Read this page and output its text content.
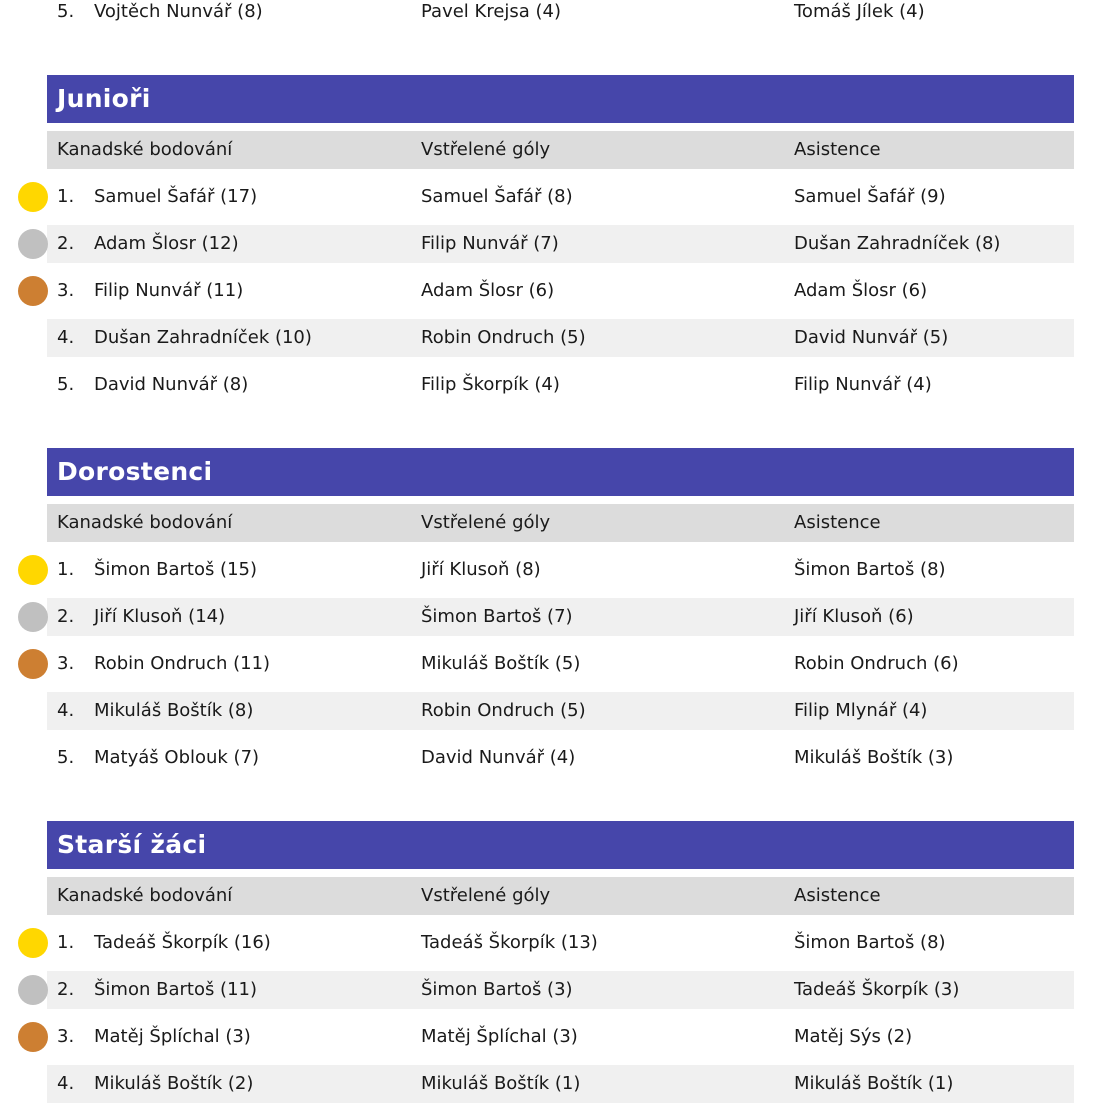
5. Vojtěch Nunvář (8)	Pavel Krejsa (4)	Tomáš Jílek (4)
Junioři
Kanadské bodování	Vstřelené góly	Asistence
1. Samuel Šafář (17)	Samuel Šafář (8)	Samuel Šafář (9)
2. Adam Šlosr (12)	Filip Nunvář (7)	Dušan Zahradníček (8)
3. Filip Nunvář (11)	Adam Šlosr (6)	Adam Šlosr (6)
4. Dušan Zahradníček (10)	Robin Ondruch (5)	David Nunvář (5)
5. David Nunvář (8)	Filip Škorpík (4)	Filip Nunvář (4)
Dorostenci
Kanadské bodování	Vstřelené góly	Asistence
1. Šimon Bartoš (15)	Jiří Klusoň (8)	Šimon Bartoš (8)
2. Jiří Klusoň (14)	Šimon Bartoš (7)	Jiří Klusoň (6)
3. Robin Ondruch (11)	Mikuláš Boštík (5)	Robin Ondruch (6)
4. Mikuláš Boštík (8)	Robin Ondruch (5)	Filip Mlynář (4)
5. Matyáš Oblouk (7)	David Nunvář (4)	Mikuláš Boštík (3)
Starší žáci
Kanadské bodování	Vstřelené góly	Asistence
1. Tadeáš Škorpík (16)	Tadeáš Škorpík (13)	Šimon Bartoš (8)
2. Šimon Bartoš (11)	Šimon Bartoš (3)	Tadeáš Škorpík (3)
3. Matěj Šplíchal (3)	Matěj Šplíchal (3)	Matěj Sýs (2)
4. Mikuláš Boštík (2)	Mikuláš Boštík (1)	Mikuláš Boštík (1)
